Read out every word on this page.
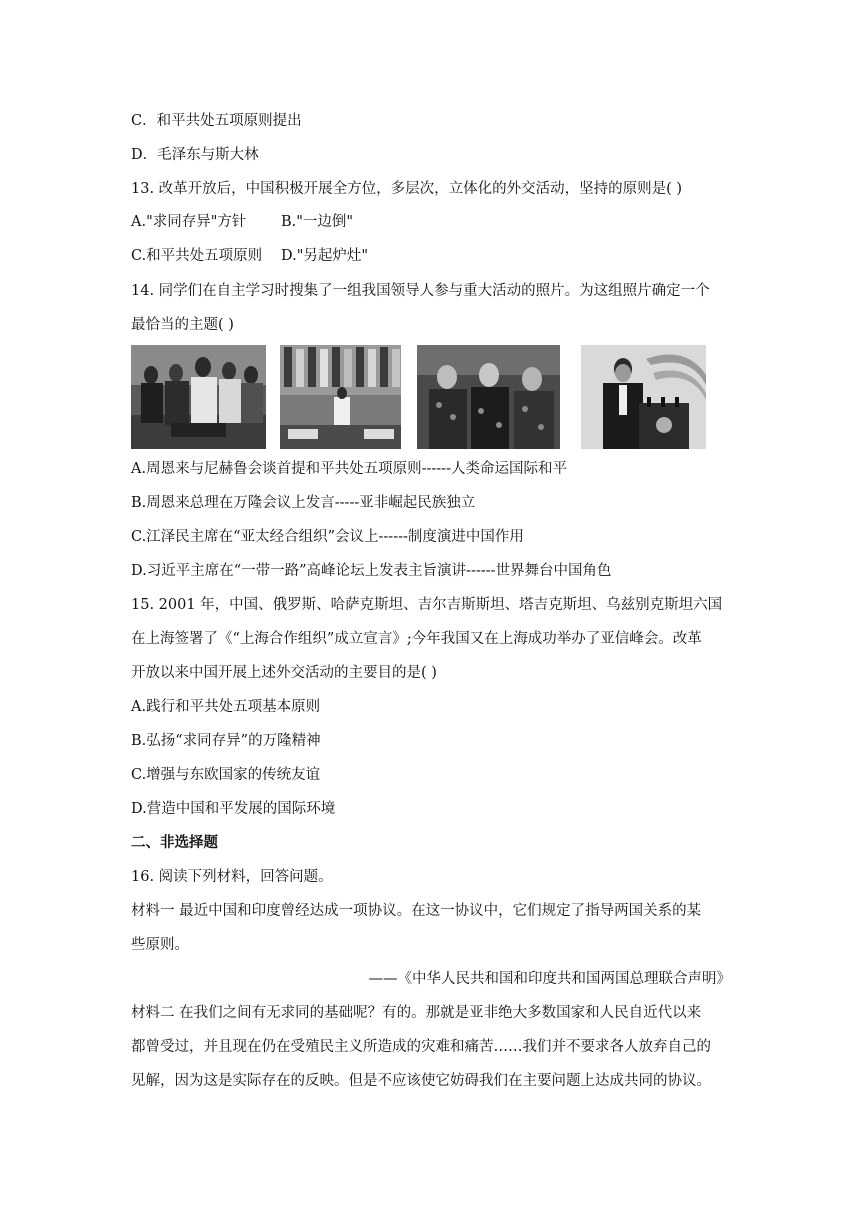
C．和平共处五项原则提出
D．毛泽东与斯大林
13. 改革开放后，中国积极开展全方位，多层次，立体化的外交活动，坚持的原则是( )
A."求同存异"方针 B."一边倒"
C.和平共处五项原则 D."另起炉灶"
14. 同学们在自主学习时搜集了一组我国领导人参与重大活动的照片。为这组照片确定一个
最恰当的主题( )
A.周恩来与尼赫鲁会谈首提和平共处五项原则------人类命运国际和平
B.周恩来总理在万隆会议上发言-----亚非崛起民族独立
C.江泽民主席在“亚太经合组织”会议上------制度演进中国作用
D.习近平主席在“一带一路”高峰论坛上发表主旨演讲------世界舞台中国角色
15. 2001 年，中国、俄罗斯、哈萨克斯坦、吉尔吉斯斯坦、塔吉克斯坦、乌兹别克斯坦六国
在上海签署了《“上海合作组织”成立宣言》;今年我国又在上海成功举办了亚信峰会。改革
开放以来中国开展上述外交活动的主要目的是( )
A.践行和平共处五项基本原则
B.弘扬“求同存异”的万隆精神
C.增强与东欧国家的传统友谊
D.营造中国和平发展的国际环境
二、非选择题
16. 阅读下列材料，回答问题。
材料一 最近中国和印度曾经达成一项协议。在这一协议中，它们规定了指导两国关系的某
些原则。
——《中华人民共和国和印度共和国两国总理联合声明》
材料二 在我们之间有无求同的基础呢？有的。那就是亚非绝大多数国家和人民自近代以来
都曾受过，并且现在仍在受殖民主义所造成的灾难和痛苦……我们并不要求各人放弃自己的
见解，因为这是实际存在的反映。但是不应该使它妨碍我们在主要问题上达成共同的协议。
